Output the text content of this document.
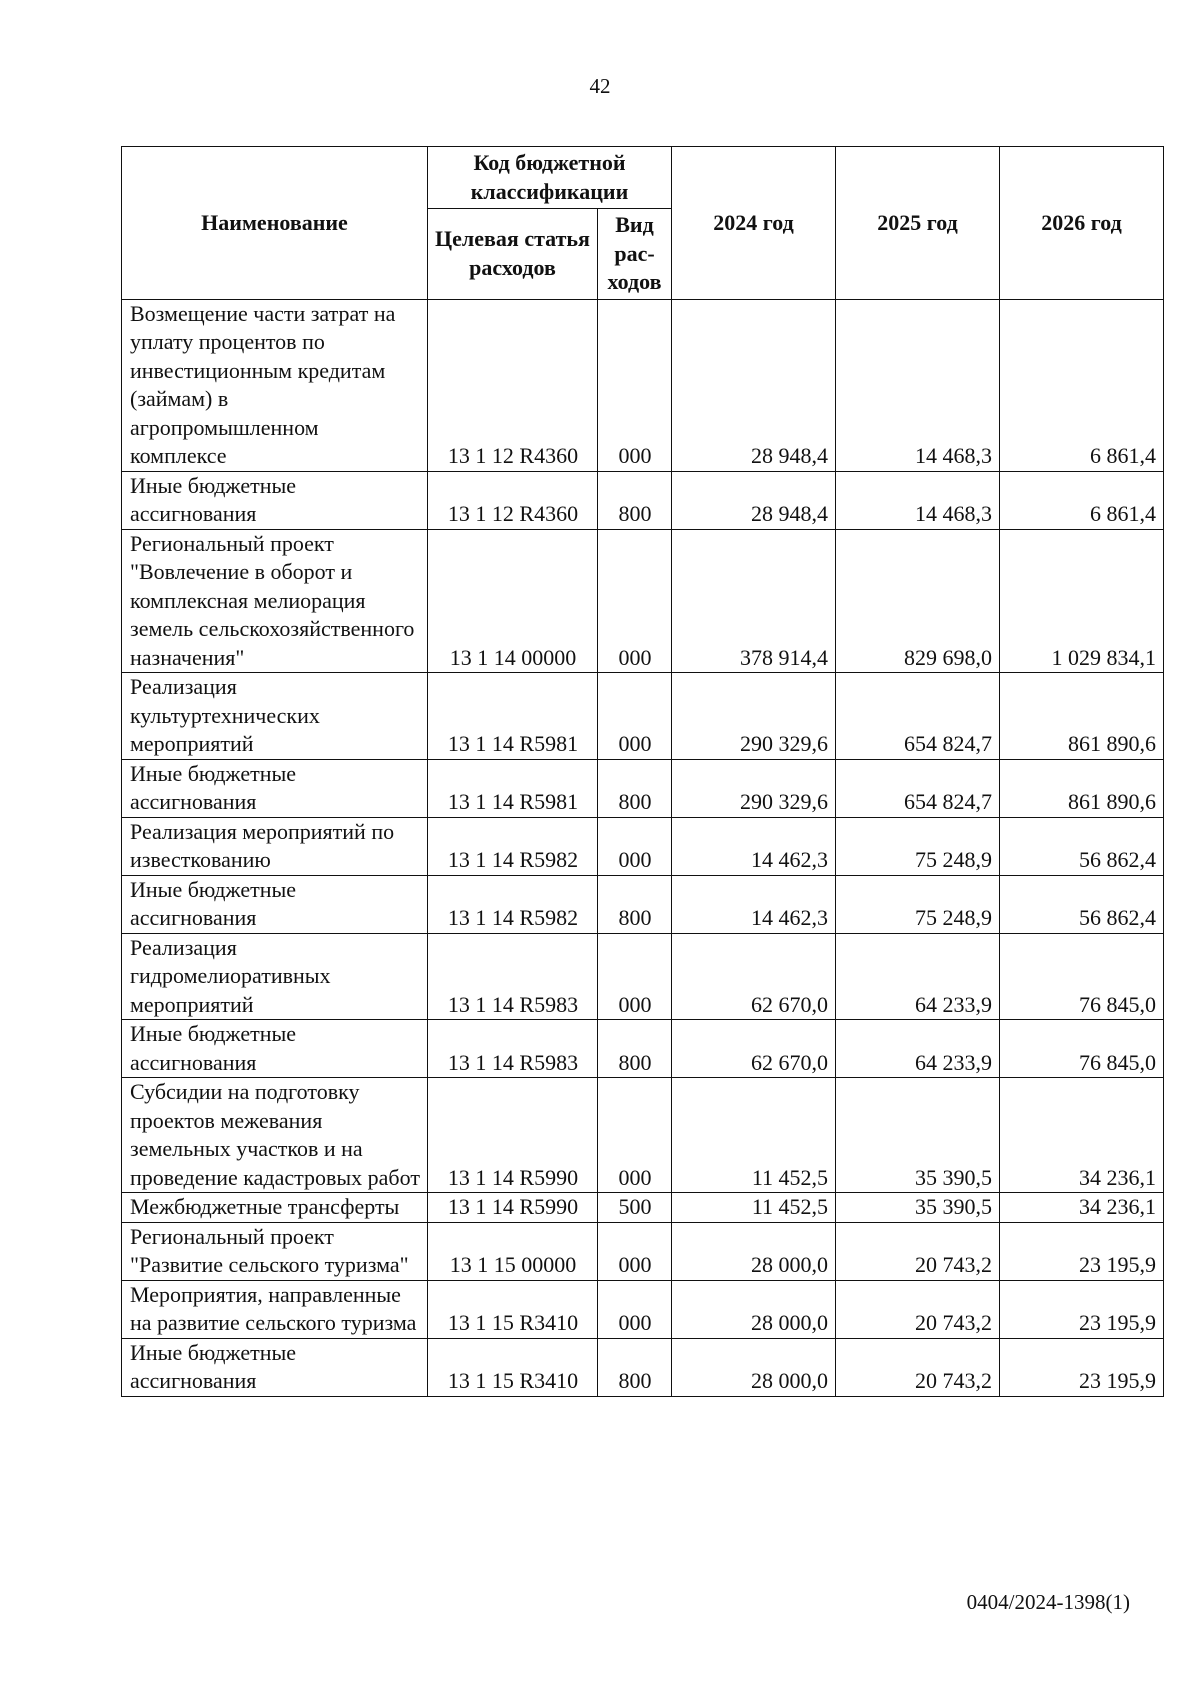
42
Наименование	Код бюджетной классификации		2024 год	2025 год	2026 год
	Целевая статья расходов	Вид рас-ходов			
Возмещение части затрат на уплату процентов по инвестиционным кредитам (займам) в агропромышленном комплексе	13 1 12 R4360	000	28 948,4	14 468,3	6 861,4
Иные бюджетные ассигнования	13 1 12 R4360	800	28 948,4	14 468,3	6 861,4
Региональный проект "Вовлечение в оборот и комплексная мелиорация земель сельскохозяйственного назначения"	13 1 14 00000	000	378 914,4	829 698,0	1 029 834,1
Реализация культуртехнических мероприятий	13 1 14 R5981	000	290 329,6	654 824,7	861 890,6
Иные бюджетные ассигнования	13 1 14 R5981	800	290 329,6	654 824,7	861 890,6
Реализация мероприятий по известкованию	13 1 14 R5982	000	14 462,3	75 248,9	56 862,4
Иные бюджетные ассигнования	13 1 14 R5982	800	14 462,3	75 248,9	56 862,4
Реализация гидромелиоративных мероприятий	13 1 14 R5983	000	62 670,0	64 233,9	76 845,0
Иные бюджетные ассигнования	13 1 14 R5983	800	62 670,0	64 233,9	76 845,0
Субсидии на подготовку проектов межевания земельных участков и на проведение кадастровых работ	13 1 14 R5990	000	11 452,5	35 390,5	34 236,1
Межбюджетные трансферты	13 1 14 R5990	500	11 452,5	35 390,5	34 236,1
Региональный проект "Развитие сельского туризма"	13 1 15 00000	000	28 000,0	20 743,2	23 195,9
Мероприятия, направленные на развитие сельского туризма	13 1 15 R3410	000	28 000,0	20 743,2	23 195,9
Иные бюджетные ассигнования	13 1 15 R3410	800	28 000,0	20 743,2	23 195,9
0404/2024-1398(1)
